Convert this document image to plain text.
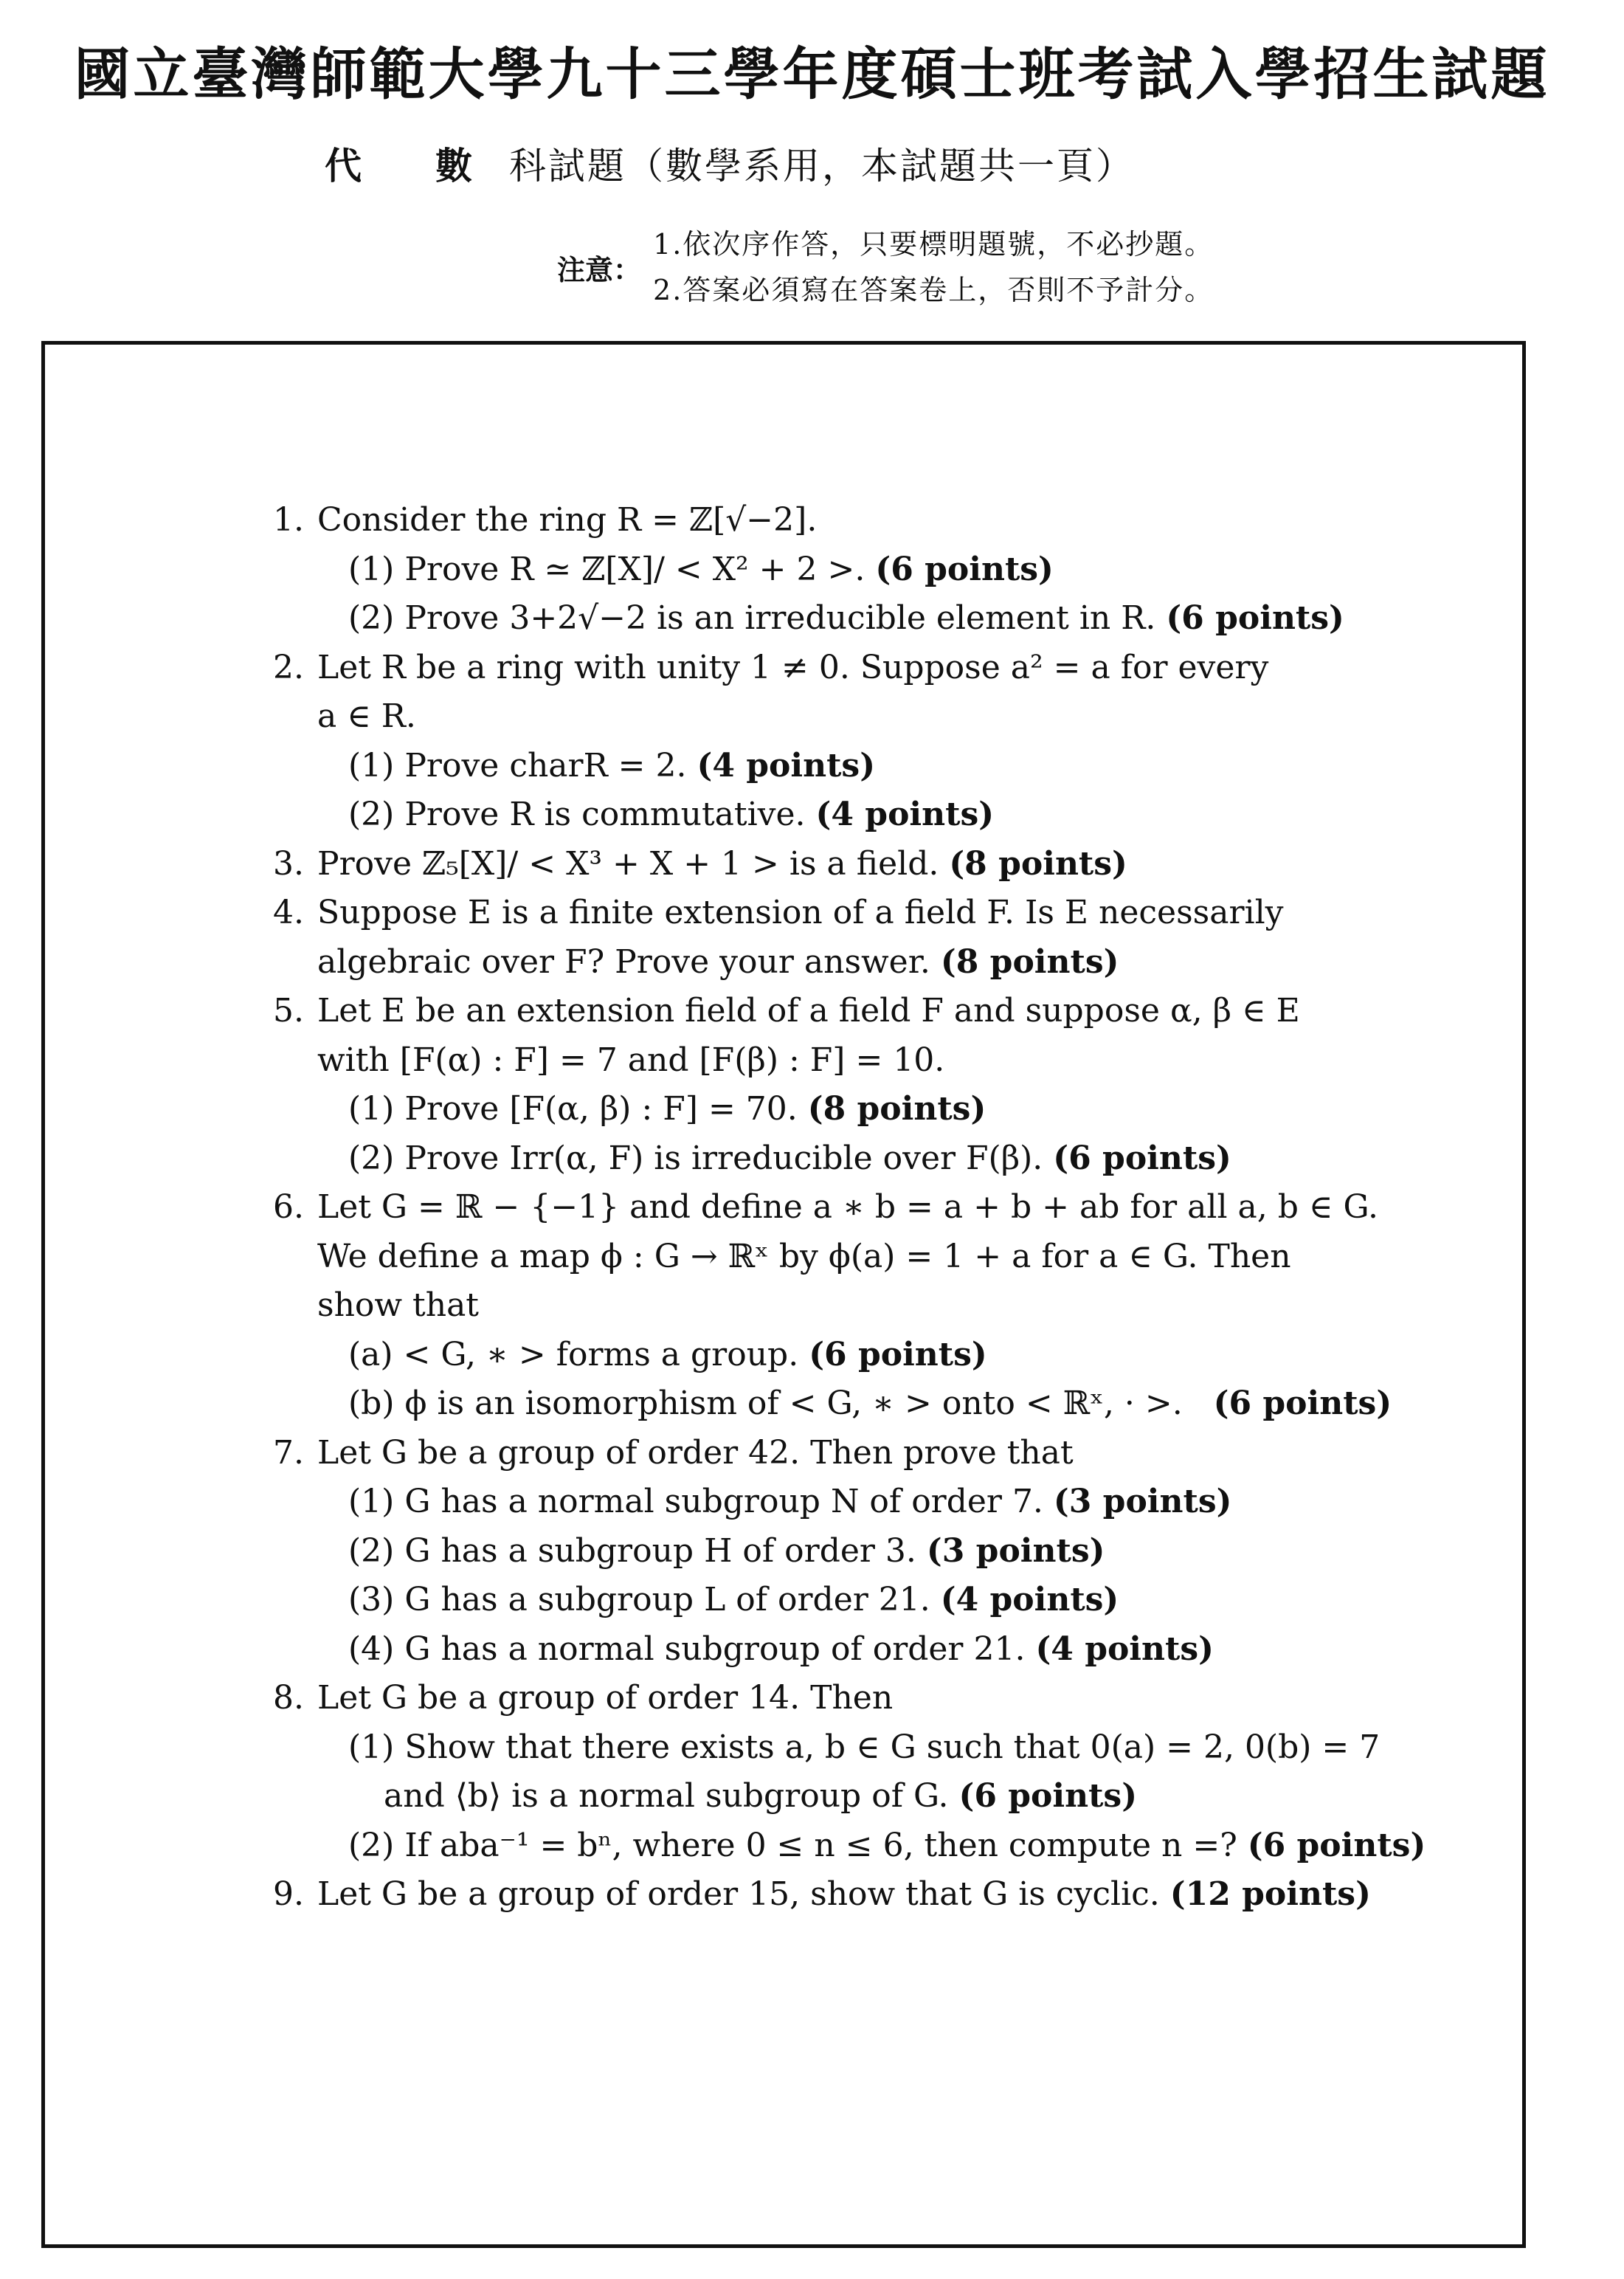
國立臺灣師範大學九十三學年度碩士班考試入學招生試題
代 數 科試題（數學系用，本試題共一頁）
注意：
1.依次序作答，只要標明題號，不必抄題。
2.答案必須寫在答案卷上，否則不予計分。
1. Consider the ring R = ℤ[√−2].
(1) Prove R ≃ ℤ[X]/ < X² + 2 >. (6 points)
(2) Prove 3+2√−2 is an irreducible element in R. (6 points)
2. Let R be a ring with unity 1 ≠ 0. Suppose a² = a for every
a ∈ R.
(1) Prove charR = 2. (4 points)
(2) Prove R is commutative. (4 points)
3. Prove ℤ₅[X]/ < X³ + X + 1 > is a field. (8 points)
4. Suppose E is a finite extension of a field F. Is E necessarily
algebraic over F? Prove your answer. (8 points)
5. Let E be an extension field of a field F and suppose α, β ∈ E
with [F(α) : F] = 7 and [F(β) : F] = 10.
(1) Prove [F(α, β) : F] = 70. (8 points)
(2) Prove Irr(α, F) is irreducible over F(β). (6 points)
6. Let G = ℝ − {−1} and define a ∗ b = a + b + ab for all a, b ∈ G.
We define a map ϕ : G → ℝˣ by ϕ(a) = 1 + a for a ∈ G. Then
show that
(a) < G, ∗ > forms a group. (6 points)
(b) ϕ is an isomorphism of < G, ∗ > onto < ℝˣ, · >. (6 points)
7. Let G be a group of order 42. Then prove that
(1) G has a normal subgroup N of order 7. (3 points)
(2) G has a subgroup H of order 3. (3 points)
(3) G has a subgroup L of order 21. (4 points)
(4) G has a normal subgroup of order 21. (4 points)
8. Let G be a group of order 14. Then
(1) Show that there exists a, b ∈ G such that 0(a) = 2, 0(b) = 7
and ⟨b⟩ is a normal subgroup of G. (6 points)
(2) If aba⁻¹ = bⁿ, where 0 ≤ n ≤ 6, then compute n =? (6 points)
9. Let G be a group of order 15, show that G is cyclic. (12 points)
